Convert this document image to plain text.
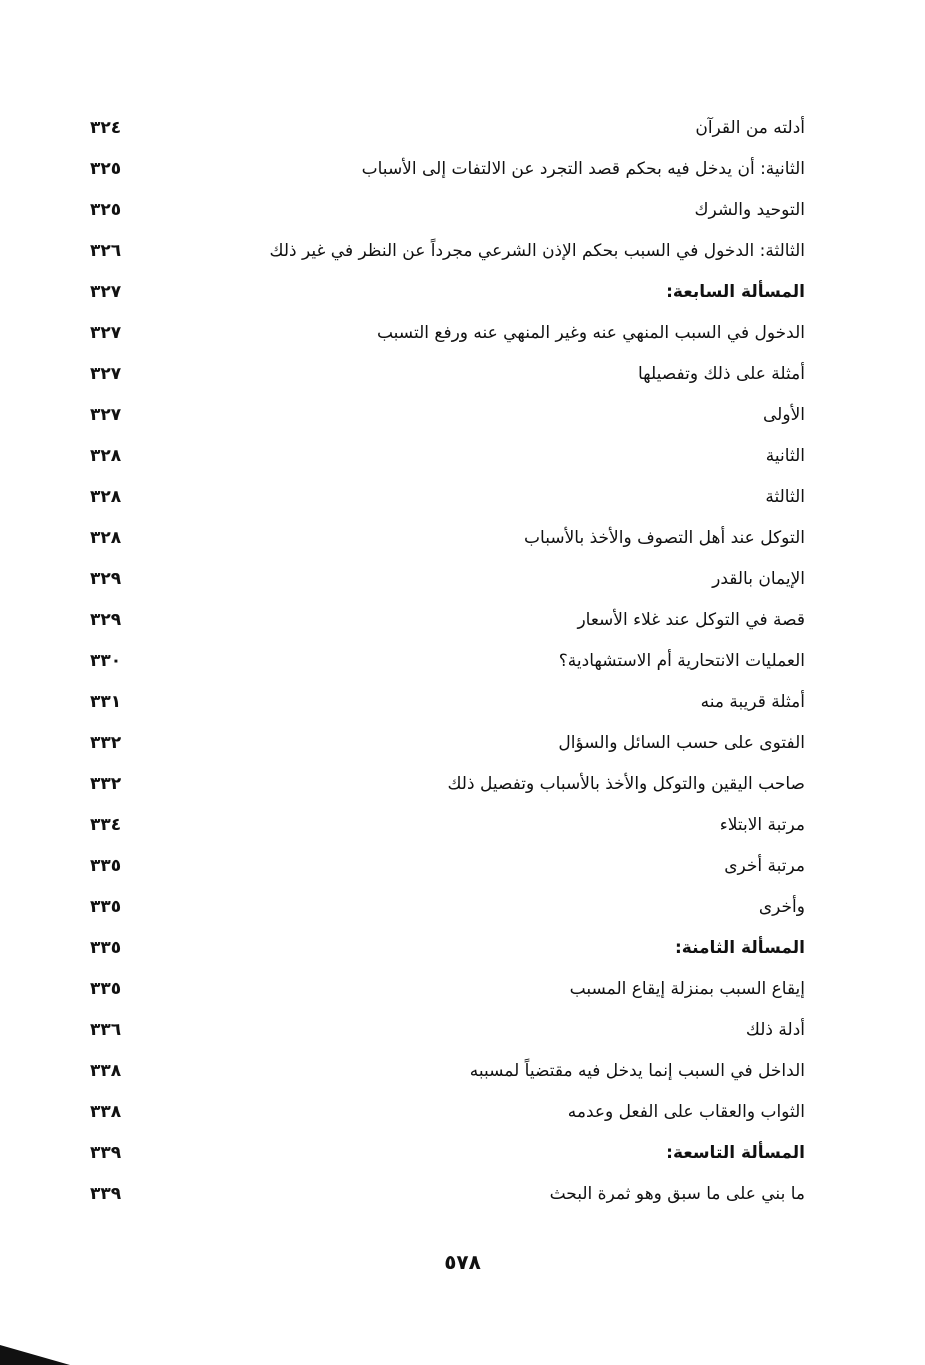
أدلته من القرآن
٣٢٤
الثانية: أن يدخل فيه بحكم قصد التجرد عن الالتفات إلى الأسباب
٣٢٥
التوحيد والشرك
٣٢٥
الثالثة: الدخول في السبب بحكم الإذن الشرعي مجرداً عن النظر في غير ذلك
٣٢٦
المسألة السابعة:
٣٢٧
الدخول في السبب المنهي عنه وغير المنهي عنه ورفع التسبب
٣٢٧
أمثلة على ذلك وتفصيلها
٣٢٧
الأولى
٣٢٧
الثانية
٣٢٨
الثالثة
٣٢٨
التوكل عند أهل التصوف والأخذ بالأسباب
٣٢٨
الإيمان بالقدر
٣٢٩
قصة في التوكل عند غلاء الأسعار
٣٢٩
العمليات الانتحارية أم الاستشهادية؟
٣٣٠
أمثلة قريبة منه
٣٣١
الفتوى على حسب السائل والسؤال
٣٣٢
صاحب اليقين والتوكل والأخذ بالأسباب وتفصيل ذلك
٣٣٢
مرتبة الابتلاء
٣٣٤
مرتبة أخرى
٣٣٥
وأخرى
٣٣٥
المسألة الثامنة:
٣٣٥
إيقاع السبب بمنزلة إيقاع المسبب
٣٣٥
أدلة ذلك
٣٣٦
الداخل في السبب إنما يدخل فيه مقتضياً لمسببه
٣٣٨
الثواب والعقاب على الفعل وعدمه
٣٣٨
المسألة التاسعة:
٣٣٩
ما بني على ما سبق وهو ثمرة البحث
٣٣٩
٥٧٨
